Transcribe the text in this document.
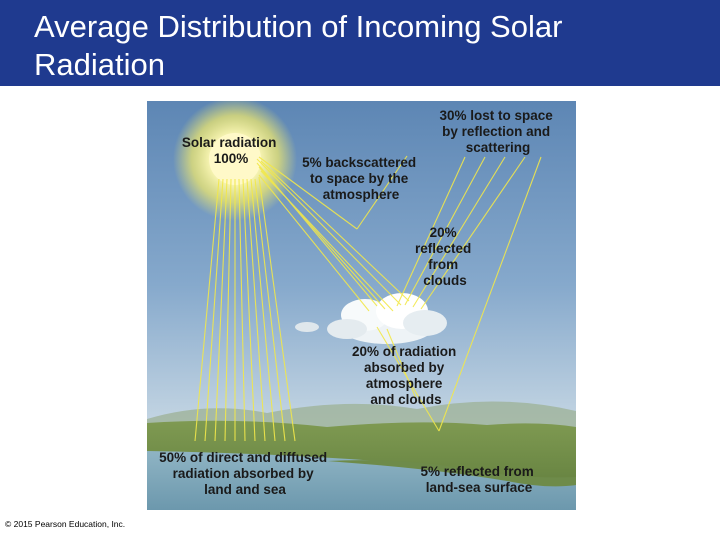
Average Distribution of Incoming Solar
Radiation
Solar radiation 100%
30% lost to space by reflection and scattering
5% backscattered to space by the atmosphere
20% reflected from clouds
20% of radiation absorbed by atmosphere and clouds
50% of direct and diffused radiation absorbed by land and sea
5% reflected from land-sea surface
© 2015 Pearson Education, Inc.
